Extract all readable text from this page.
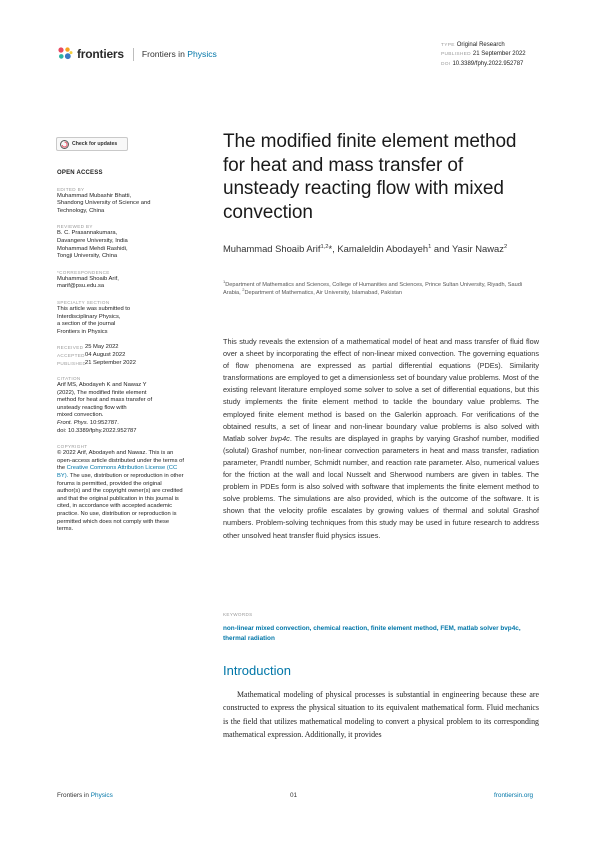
frontiers Frontiers in Physics
TYPE Original Research
PUBLISHED 21 September 2022
DOI 10.3389/fphy.2022.952787
Check for updates
OPEN ACCESS
EDITED BY
Muhammad Mubashir Bhatti,
Shandong University of Science and
Technology, China
REVIEWED BY
B. C. Prasannakumara,
Davangere University, India
Mohammad Mehdi Rashidi,
Tongji University, China
*CORRESPONDENCE
Muhammad Shoaib Arif,
marif@psu.edu.sa
SPECIALTY SECTION
This article was submitted to
Interdisciplinary Physics,
a section of the journal
Frontiers in Physics
RECEIVED 25 May 2022
ACCEPTED 04 August 2022
PUBLISHED
21 September 2022
CITATION
Arif MS, Abodayeh K and Nawaz Y
(2022), The modified finite element
method for heat and mass transfer of
unsteady reacting flow with
mixed convection.
Front. Phys. 10:952787.
doi: 10.3389/fphy.2022.952787
COPYRIGHT
© 2022 Arif, Abodayeh and Nawaz. This is an open-access article distributed under the terms of the Creative Commons Attribution License (CC BY). The use, distribution or reproduction in other forums is permitted, provided the original author(s) and the copyright owner(s) are credited and that the original publication in this journal is cited, in accordance with accepted academic practice. No use, distribution or reproduction is permitted which does not comply with these terms.
The modified finite element method for heat and mass transfer of unsteady reacting flow with mixed convection
Muhammad Shoaib Arif$^{1,2}$*, Kamaleldin Abodayeh$^1$ and Yasir Nawaz$^2$
$^1$Department of Mathematics and Sciences, College of Humanities and Sciences, Prince Sultan University, Riyadh, Saudi Arabia, $^2$Department of Mathematics, Air University, Islamabad, Pakistan
This study reveals the extension of a mathematical model of heat and mass transfer of fluid flow over a sheet by incorporating the effect of non-linear mixed convection. The governing equations of flow phenomena are expressed as partial differential equations (PDEs). Similarity transformations are employed to get a dimensionless set of boundary value problems. Most of the existing relevant literature employed some solver to solve a set of differential equations, but this study implements the finite element method to tackle the boundary value problems. The employed finite element method is based on the Galerkin approach. For verifications of the obtained results, a set of linear and non-linear boundary value problems is also solved with Matlab solver bvp4c. The results are displayed in graphs by varying Grashof number, modified (solutal) Grashof number, non-linear convection parameters in heat and mass transfer, radiation parameter, Prandtl number, Schmidt number, and reaction rate parameter. Also, numerical values for the friction at the wall and local Nusselt and Sherwood numbers are given in tables. The problem in PDEs form is also solved with software that implements the finite element method to solve problems. The simulations are also provided, which is the outcome of the software. It is shown that the velocity profile escalates by growing values of thermal and solutal Grashof numbers. Problem-solving techniques from this study may be used in future research to address other unsolved heat transfer fluid physics issues.
KEYWORDS
non-linear mixed convection, chemical reaction, finite element method, FEM, matlab solver bvp4c, thermal radiation
Introduction
Mathematical modeling of physical processes is substantial in engineering because these are constructed to express the physical situation to its equivalent mathematical form. Fluid mechanics is the field that utilizes mathematical modeling to convert a physical problem to its corresponding mathematical expression. Additionally, it provides
Frontiers in Physics	01	frontiersin.org
